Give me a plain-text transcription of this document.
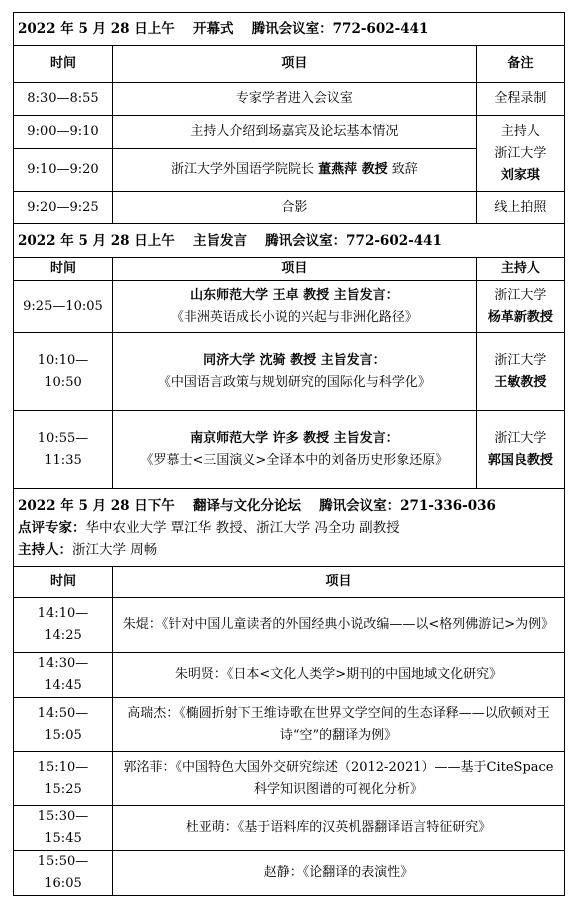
2022 年 5 月 28 日上午　 开幕式　 腾讯会议室：772-602-441		
时间	项目	备注
8:30—8:55	专家学者进入会议室	全程录制
9:00—9:10	主持人介绍到场嘉宾及论坛基本情况	主持人
浙江大学
刘家琪

9:10—9:20	浙江大学外国语学院院长 董燕萍 教授 致辞	
9:20—9:25	合影	线上拍照
2022 年 5 月 28 日上午　 主旨发言　 腾讯会议室：772-602-441		
时间	项目	主持人
9:25—10:05	山东师范大学 王卓 教授 主旨发言：
《非洲英语成长小说的兴起与非洲化路径》	浙江大学
杨革新教授

10:10—10:50	同济大学 沈骑 教授 主旨发言：
《中国语言政策与规划研究的国际化与科学化》	浙江大学
王敏教授

10:55—11:35	南京师范大学 许多 教授 主旨发言：
《罗慕士<三国演义>全译本中的刘备历史形象还原》	浙江大学
郭国良教授

2022 年 5 月 28 日下午　 翻译与文化分论坛　 腾讯会议室：271-336-036
点评专家：华中农业大学 覃江华 教授、浙江大学 冯全功 副教授
主持人：浙江大学 周畅		

时间	项目	
14:10—14:25	朱焜：《针对中国儿童读者的外国经典小说改编——以<格列佛游记>为例》	
14:30—14:45	朱明贤：《日本<文化人类学>期刊的中国地域文化研究》	
14:50—15:05	高瑞杰：《椭圆折射下王维诗歌在世界文学空间的生态译释——以欣顿对王诗“空”的翻译为例》	
15:10—15:25	郭洺菲：《中国特色大国外交研究综述（2012-2021）——基于CiteSpace 科学知识图谱的可视化分析》	
15:30—15:45	杜亚萌：《基于语料库的汉英机器翻译语言特征研究》	
15:50—16:05	赵静：《论翻译的表演性》	
